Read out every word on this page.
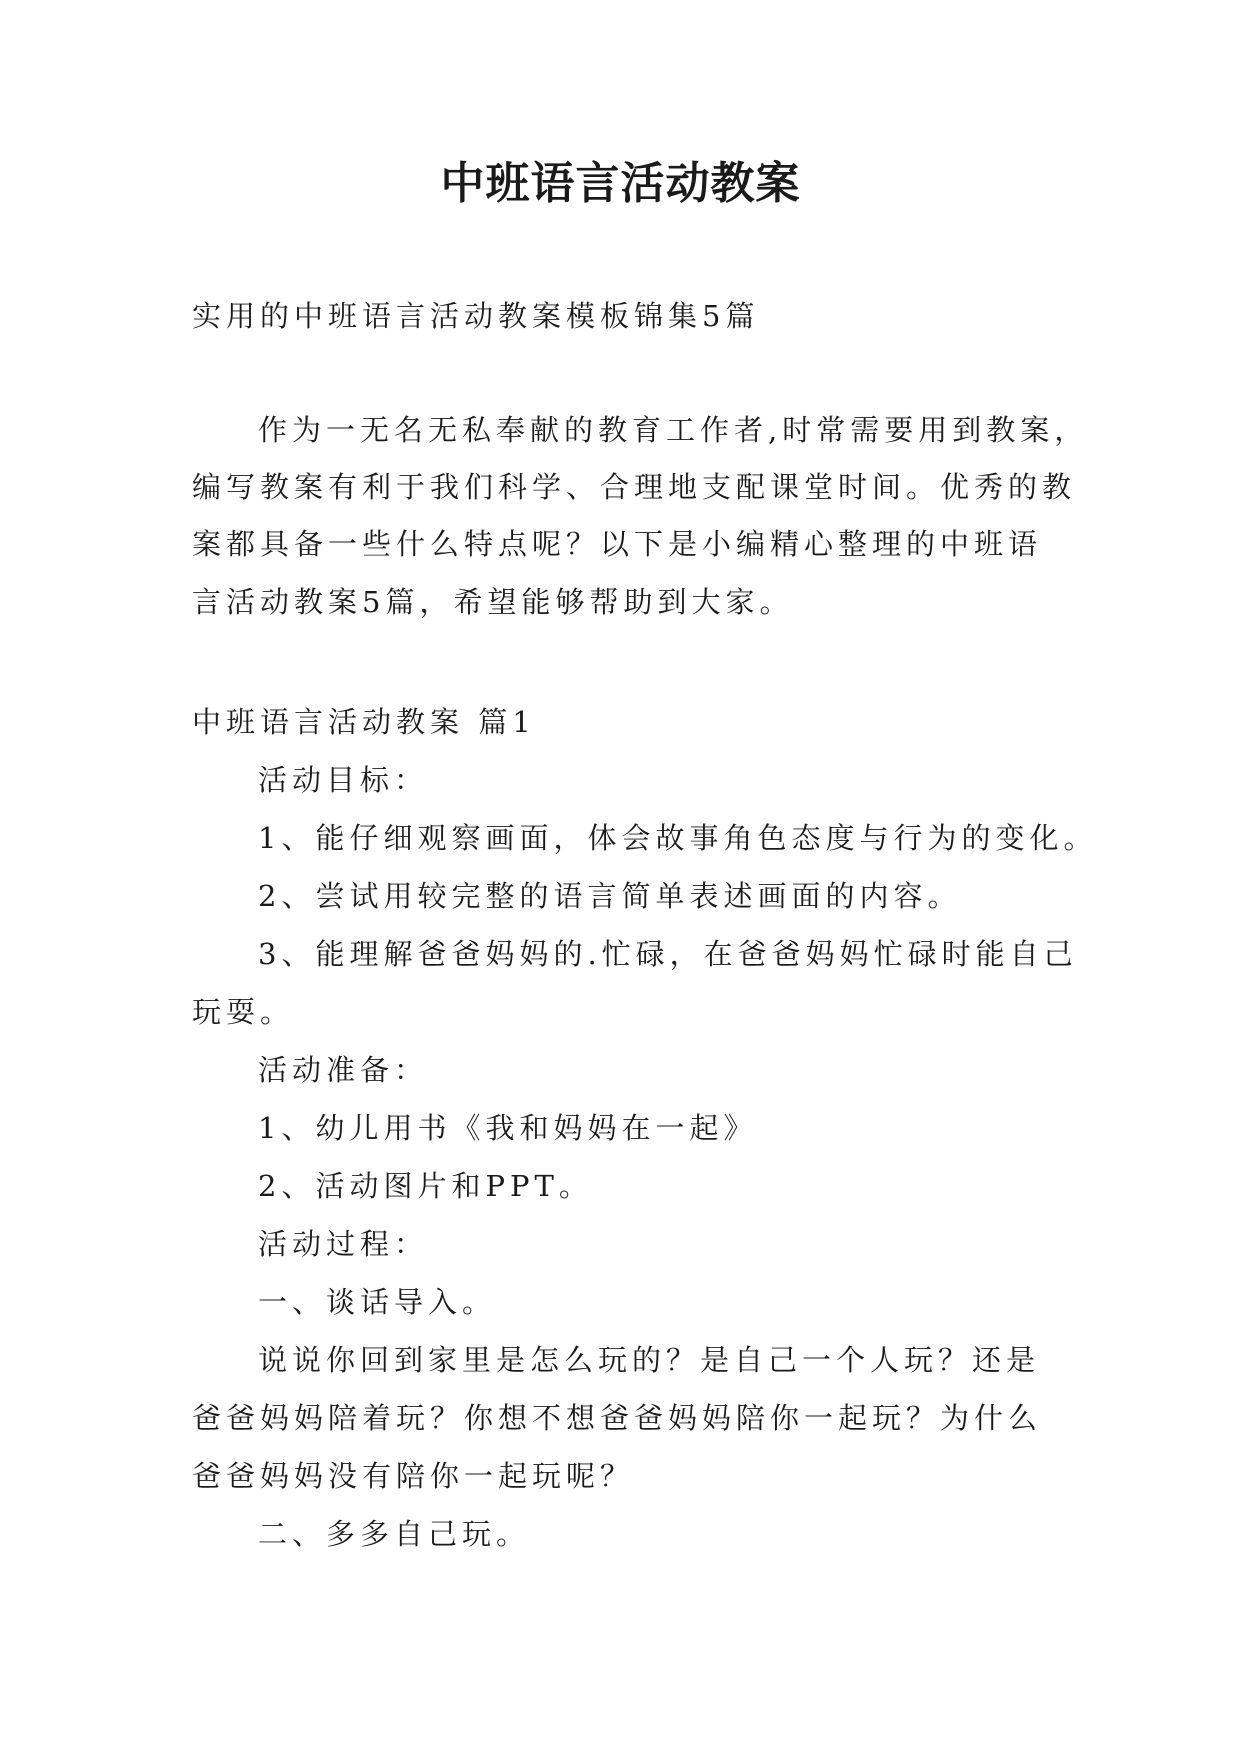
中班语言活动教案
实用的中班语言活动教案模板锦集5篇
作为一无名无私奉献的教育工作者,时常需要用到教案，
编写教案有利于我们科学、合理地支配课堂时间。优秀的教
案都具备一些什么特点呢？以下是小编精心整理的中班语
言活动教案5篇，希望能够帮助到大家。
中班语言活动教案 篇1
活动目标：
1、能仔细观察画面，体会故事角色态度与行为的变化。
2、尝试用较完整的语言简单表述画面的内容。
3、能理解爸爸妈妈的.忙碌，在爸爸妈妈忙碌时能自己
玩耍。
活动准备：
1、幼儿用书《我和妈妈在一起》
2、活动图片和PPT。
活动过程：
一、谈话导入。
说说你回到家里是怎么玩的？是自己一个人玩？还是
爸爸妈妈陪着玩？你想不想爸爸妈妈陪你一起玩？为什么
爸爸妈妈没有陪你一起玩呢？
二、多多自己玩。
